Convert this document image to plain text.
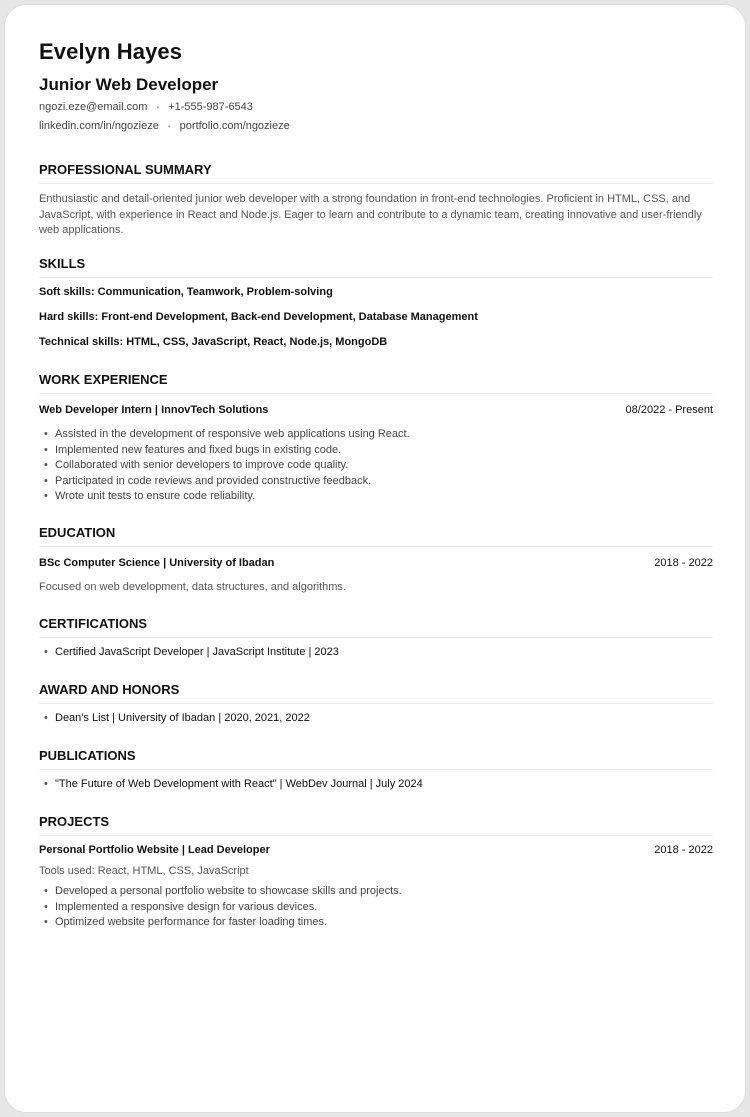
Evelyn Hayes
Junior Web Developer
ngozi.eze@email.com • +1-555-987-6543
linkedin.com/in/ngozieze • portfolio.com/ngozieze
PROFESSIONAL SUMMARY
Enthusiastic and detail-oriented junior web developer with a strong foundation in front-end technologies. Proficient in HTML, CSS, and JavaScript, with experience in React and Node.js. Eager to learn and contribute to a dynamic team, creating innovative and user-friendly web applications.
SKILLS
Soft skills: Communication, Teamwork, Problem-solving
Hard skills: Front-end Development, Back-end Development, Database Management
Technical skills: HTML, CSS, JavaScript, React, Node.js, MongoDB
WORK EXPERIENCE
Web Developer Intern | InnovTech Solutions	08/2022 - Present
• Assisted in the development of responsive web applications using React.
• Implemented new features and fixed bugs in existing code.
• Collaborated with senior developers to improve code quality.
• Participated in code reviews and provided constructive feedback.
• Wrote unit tests to ensure code reliability.
EDUCATION
BSc Computer Science | University of Ibadan	2018 - 2022
Focused on web development, data structures, and algorithms.
CERTIFICATIONS
• Certified JavaScript Developer | JavaScript Institute | 2023
AWARD AND HONORS
• Dean's List | University of Ibadan | 2020, 2021, 2022
PUBLICATIONS
• "The Future of Web Development with React" | WebDev Journal | July 2024
PROJECTS
Personal Portfolio Website | Lead Developer	2018 - 2022
Tools used: React, HTML, CSS, JavaScript
• Developed a personal portfolio website to showcase skills and projects.
• Implemented a responsive design for various devices.
• Optimized website performance for faster loading times.
